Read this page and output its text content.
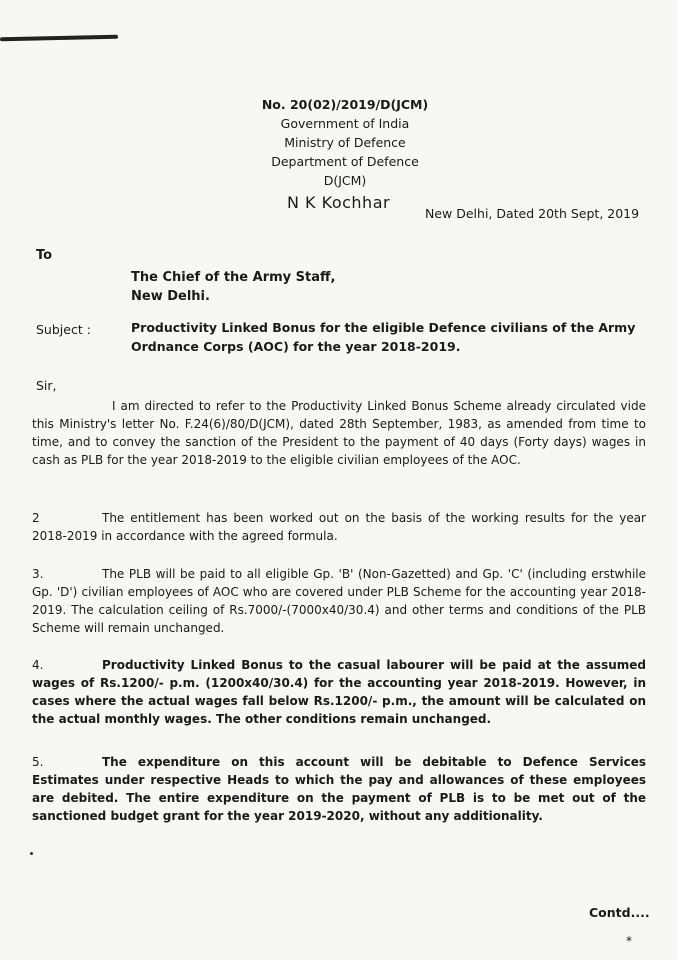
No. 20(02)/2019/D(JCM)
Government of India
Ministry of Defence
Department of Defence
D(JCM)
N K Kochhar
New Delhi, Dated 20th Sept, 2019
To
The Chief of the Army Staff,
New Delhi.
Subject :	Productivity Linked Bonus for the eligible Defence civilians of the Army Ordnance Corps (AOC) for the year 2018-2019.
Sir,
I am directed to refer to the Productivity Linked Bonus Scheme already circulated vide this Ministry's letter No. F.24(6)/80/D(JCM), dated 28th September, 1983, as amended from time to time, and to convey the sanction of the President to the payment of 40 days (Forty days) wages in cash as PLB for the year 2018-2019 to the eligible civilian employees of the AOC.
2	The entitlement has been worked out on the basis of the working results for the year 2018-2019 in accordance with the agreed formula.
3.	The PLB will be paid to all eligible Gp. 'B' (Non-Gazetted) and Gp. 'C' (including erstwhile Gp. 'D') civilian employees of AOC who are covered under PLB Scheme for the accounting year 2018-2019. The calculation ceiling of Rs.7000/-(7000x40/30.4) and other terms and conditions of the PLB Scheme will remain unchanged.
4.	Productivity Linked Bonus to the casual labourer will be paid at the assumed wages of Rs.1200/- p.m. (1200x40/30.4) for the accounting year 2018-2019. However, in cases where the actual wages fall below Rs.1200/- p.m., the amount will be calculated on the actual monthly wages. The other conditions remain unchanged.
5.	The expenditure on this account will be debitable to Defence Services Estimates under respective Heads to which the pay and allowances of these employees are debited. The entire expenditure on the payment of PLB is to be met out of the sanctioned budget grant for the year 2019-2020, without any additionality.
Contd....
*
